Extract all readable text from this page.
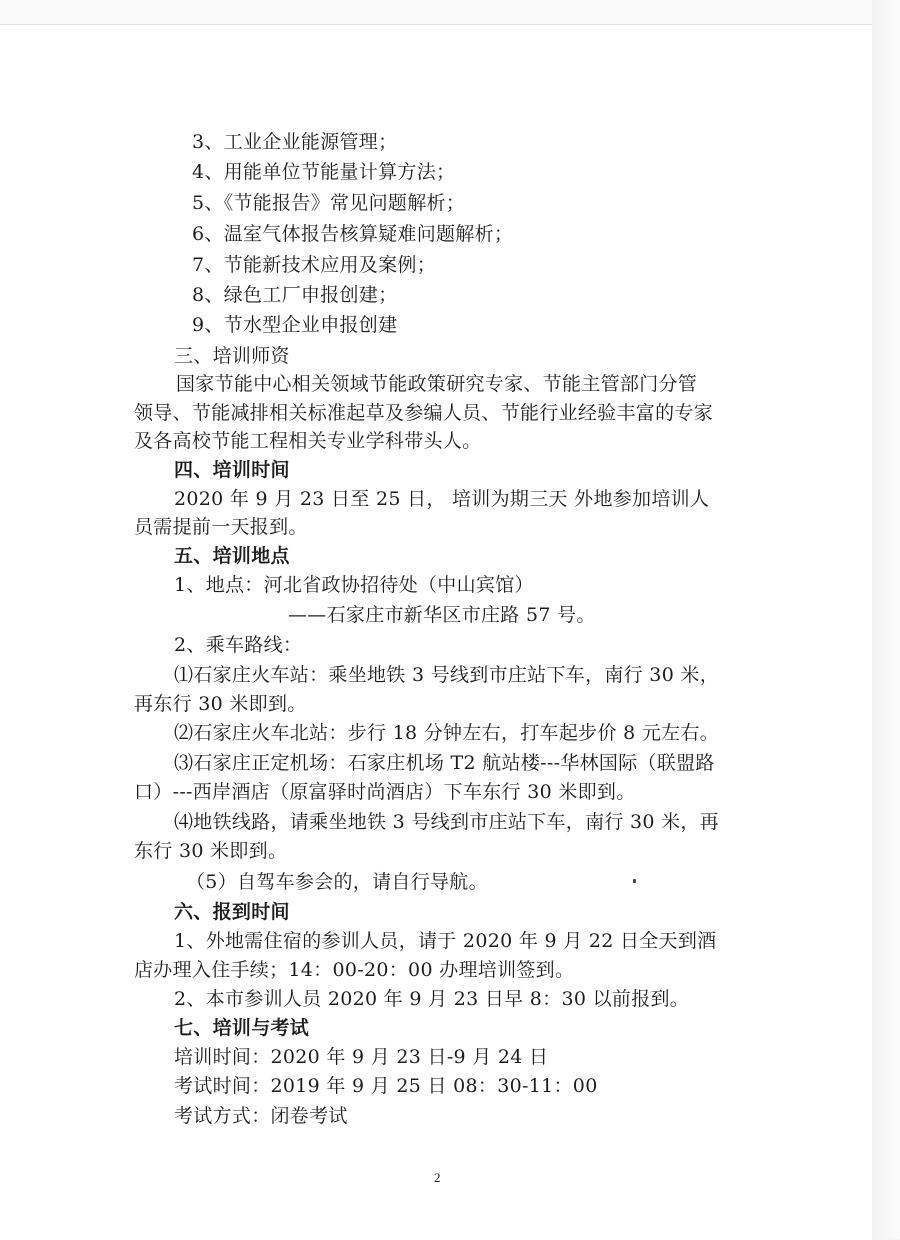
3、工业企业能源管理；
4、用能单位节能量计算方法；
5、《节能报告》常见问题解析；
6、温室气体报告核算疑难问题解析；
7、节能新技术应用及案例；
8、绿色工厂申报创建；
9、节水型企业申报创建
三、培训师资
国家节能中心相关领域节能政策研究专家、节能主管部门分管
领导、节能减排相关标准起草及参编人员、节能行业经验丰富的专家
及各高校节能工程相关专业学科带头人。
四、培训时间
2020 年 9 月 23 日至 25 日， 培训为期三天 外地参加培训人
员需提前一天报到。
五、培训地点
1、地点：河北省政协招待处（中山宾馆）
——石家庄市新华区市庄路 57 号。
2、乘车路线：
⑴石家庄火车站：乘坐地铁 3 号线到市庄站下车，南行 30 米，
再东行 30 米即到。
⑵石家庄火车北站：步行 18 分钟左右，打车起步价 8 元左右。
⑶石家庄正定机场：石家庄机场 T2 航站楼---华林国际（联盟路
口）---西岸酒店（原富驿时尚酒店）下车东行 30 米即到。
⑷地铁线路，请乘坐地铁 3 号线到市庄站下车，南行 30 米，再
东行 30 米即到。
（5）自驾车参会的，请自行导航。
六、报到时间
1、外地需住宿的参训人员，请于 2020 年 9 月 22 日全天到酒
店办理入住手续；14：00-20：00 办理培训签到。
2、本市参训人员 2020 年 9 月 23 日早 8：30 以前报到。
七、培训与考试
培训时间：2020 年 9 月 23 日-9 月 24 日
考试时间：2019 年 9 月 25 日 08：30-11：00
考试方式：闭卷考试
2
